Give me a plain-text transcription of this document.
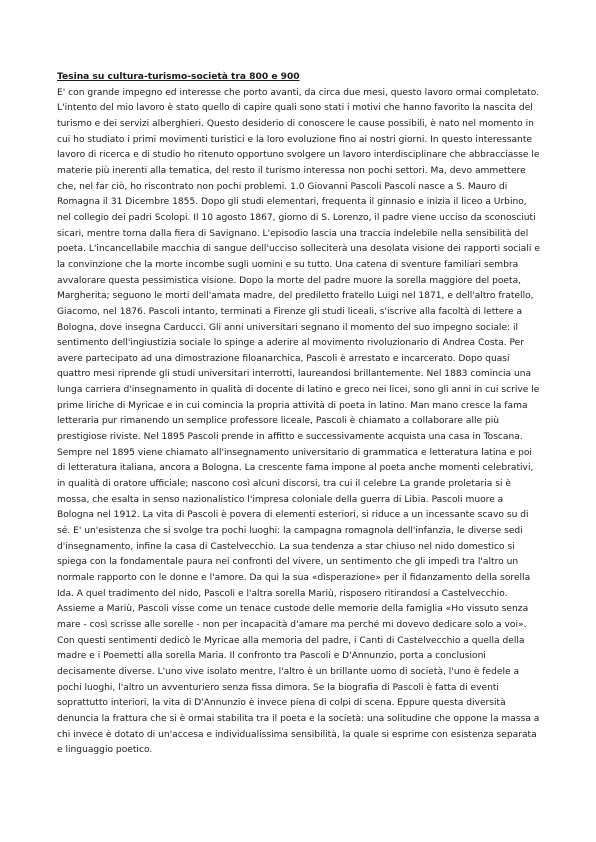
Tesina su cultura-turismo-società tra 800 e 900

E' con grande impegno ed interesse che porto avanti, da circa due mesi, questo lavoro ormai completato. L'intento del mio lavoro è stato quello di capire quali sono stati i motivi che hanno favorito la nascita del turismo e dei servizi alberghieri. Questo desiderio di conoscere le cause possibili, è nato nel momento in cui ho studiato i primi movimenti turistici e la loro evoluzione fino ai nostri giorni. In questo interessante lavoro di ricerca e di studio ho ritenuto opportuno svolgere un lavoro interdisciplinare che abbracciasse le materie più inerenti alla tematica, del resto il turismo interessa non pochi settori. Ma, devo ammettere che, nel far ciò, ho riscontrato non pochi problemi. 1.0 Giovanni Pascoli Pascoli nasce a S. Mauro di Romagna il 31 Dicembre 1855. Dopo gli studi elementari, frequenta il ginnasio e inizia il liceo a Urbino, nel collegio dei padri Scolopi. Il 10 agosto 1867, giorno di S. Lorenzo, il padre viene ucciso da sconosciuti sicari, mentre torna dalla fiera di Savignano. L'episodio lascia una traccia indelebile nella sensibilità del poeta. L'incancellabile macchia di sangue dell'ucciso solleciterà una desolata visione dei rapporti sociali e la convinzione che la morte incombe sugli uomini e su tutto. Una catena di sventure familiari sembra avvalorare questa pessimistica visione. Dopo la morte del padre muore la sorella maggiore del poeta, Margherita; seguono le morti dell'amata madre, del prediletto fratello Luigi nel 1871, e dell'altro fratello, Giacomo, nel 1876. Pascoli intanto, terminati a Firenze gli studi liceali, s'iscrive alla facoltà di lettere a Bologna, dove insegna Carducci. Gli anni universitari segnano il momento del suo impegno sociale: il sentimento dell'ingiustizia sociale lo spinge a aderire al movimento rivoluzionario di Andrea Costa. Per avere partecipato ad una dimostrazione filoanarchica, Pascoli è arrestato e incarcerato. Dopo quasi quattro mesi riprende gli studi universitari interrotti, laureandosi brillantemente. Nel 1883 comincia una lunga carriera d'insegnamento in qualità di docente di latino e greco nei licei, sono gli anni in cui scrive le prime liriche di Myricae e in cui comincia la propria attività di poeta in latino. Man mano cresce la fama letteraria pur rimanendo un semplice professore liceale, Pascoli è chiamato a collaborare alle più prestigiose riviste. Nel 1895 Pascoli prende in affitto e successivamente acquista una casa in Toscana. Sempre nel 1895 viene chiamato all'insegnamento universitario di grammatica e letteratura latina e poi di letteratura italiana, ancora a Bologna. La crescente fama impone al poeta anche momenti celebrativi, in qualità di oratore ufficiale; nascono così alcuni discorsi, tra cui il celebre La grande proletaria si è mossa, che esalta in senso nazionalistico l'impresa coloniale della guerra di Libia. Pascoli muore a Bologna nel 1912. La vita di Pascoli è povera di elementi esteriori, si riduce a un incessante scavo su di sé. E' un'esistenza che si svolge tra pochi luoghi: la campagna romagnola dell'infanzia, le diverse sedi d'insegnamento, infine la casa di Castelvecchio. La sua tendenza a star chiuso nel nido domestico si spiega con la fondamentale paura nei confronti del vivere, un sentimento che gli impedì tra l'altro un normale rapporto con le donne e l'amore. Da qui la sua «disperazione» per il fidanzamento della sorella Ida. A quel tradimento del nido, Pascoli e l'altra sorella Mariù, risposero ritirandosi a Castelvecchio. Assieme a Mariù, Pascoli visse come un tenace custode delle memorie della famiglia «Ho vissuto senza mare - così scrisse alle sorelle - non per incapacità d'amare ma perché mi dovevo dedicare solo a voi». Con questi sentimenti dedicò le Myricae alla memoria del padre, i Canti di Castelvecchio a quella della madre e i Poemetti alla sorella Maria. Il confronto tra Pascoli e D'Annunzio, porta a conclusioni decisamente diverse. L'uno vive isolato mentre, l'altro è un brillante uomo di società, l'uno è fedele a pochi luoghi, l'altro un avventuriero senza fissa dimora. Se la biografia di Pascoli è fatta di eventi soprattutto interiori, la vita di D'Annunzio è invece piena di colpi di scena. Eppure questa diversità denuncia la frattura che si è ormai stabilita tra il poeta e la società: una solitudine che oppone la massa a chi invece è dotato di un'accesa e individualissima sensibilità, la quale si esprime con esistenza separata e linguaggio poetico.
